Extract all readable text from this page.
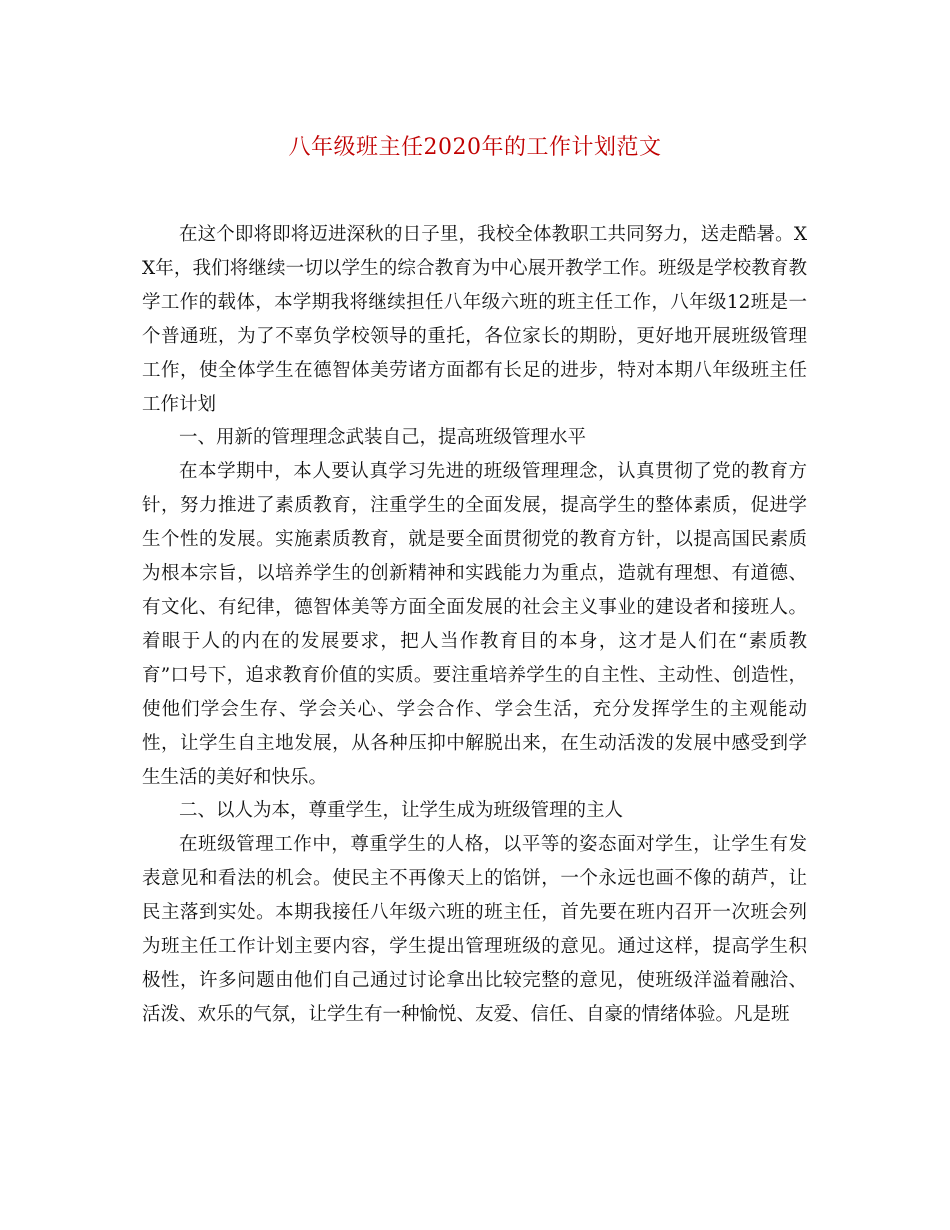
八年级班主任2020年的工作计划范文

在这个即将即将迈进深秋的日子里，我校全体教职工共同努力，送走酷暑。XX年，我们将继续一切以学生的综合教育为中心展开教学工作。班级是学校教育教学工作的载体，本学期我将继续担任八年级六班的班主任工作，八年级12班是一个普通班，为了不辜负学校领导的重托，各位家长的期盼，更好地开展班级管理工作，使全体学生在德智体美劳诸方面都有长足的进步，特对本期八年级班主任工作计划

一、用新的管理理念武装自己，提高班级管理水平

在本学期中，本人要认真学习先进的班级管理理念，认真贯彻了党的教育方针，努力推进了素质教育，注重学生的全面发展，提高学生的整体素质，促进学生个性的发展。实施素质教育，就是要全面贯彻党的教育方针，以提高国民素质为根本宗旨，以培养学生的创新精神和实践能力为重点，造就有理想、有道德、有文化、有纪律，德智体美等方面全面发展的社会主义事业的建设者和接班人。着眼于人的内在的发展要求，把人当作教育目的本身，这才是人们在“素质教育”口号下，追求教育价值的实质。要注重培养学生的自主性、主动性、创造性，使他们学会生存、学会关心、学会合作、学会生活，充分发挥学生的主观能动性，让学生自主地发展，从各种压抑中解脱出来，在生动活泼的发展中感受到学生生活的美好和快乐。

二、以人为本，尊重学生，让学生成为班级管理的主人

在班级管理工作中，尊重学生的人格，以平等的姿态面对学生，让学生有发表意见和看法的机会。使民主不再像天上的馅饼，一个永远也画不像的葫芦，让民主落到实处。本期我接任八年级六班的班主任，首先要在班内召开一次班会列为班主任工作计划主要内容，学生提出管理班级的意见。通过这样，提高学生积极性，许多问题由他们自己通过讨论拿出比较完整的意见，使班级洋溢着融洽、活泼、欢乐的气氛，让学生有一种愉悦、友爱、信任、自豪的情绪体验。凡是班
